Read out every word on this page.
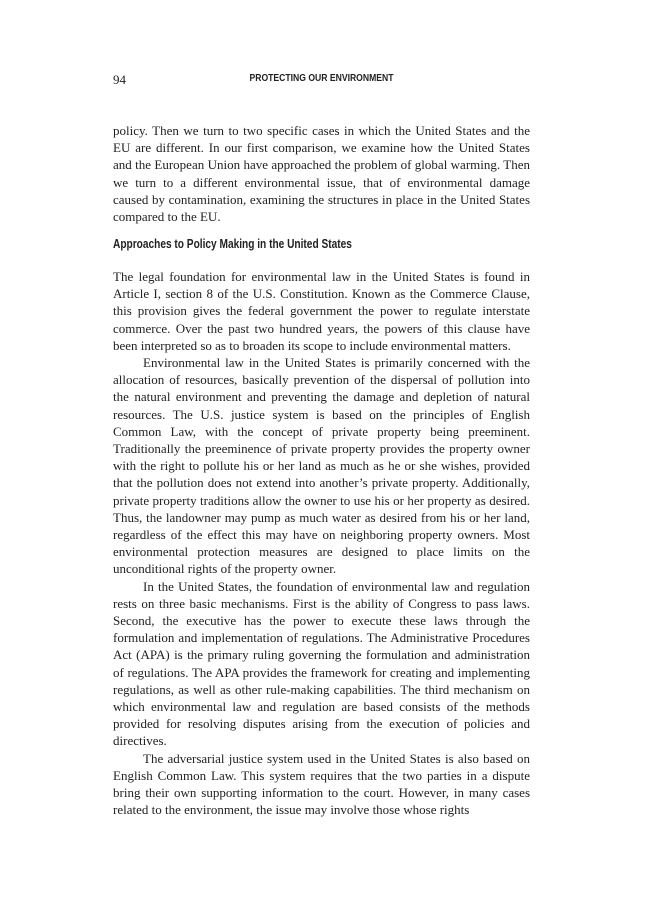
94	PROTECTING OUR ENVIRONMENT

policy. Then we turn to two specific cases in which the United States and the EU are different. In our first comparison, we examine how the United States and the European Union have approached the problem of global warming. Then we turn to a different environmental issue, that of environmental damage caused by contamination, examining the structures in place in the United States compared to the EU.

Approaches to Policy Making in the United States

The legal foundation for environmental law in the United States is found in Article I, section 8 of the U.S. Constitution. Known as the Commerce Clause, this provision gives the federal government the power to regulate interstate commerce. Over the past two hundred years, the powers of this clause have been interpreted so as to broaden its scope to include environmental matters.

Environmental law in the United States is primarily concerned with the allocation of resources, basically prevention of the dispersal of pollution into the natural environment and preventing the damage and depletion of natural resources. The U.S. justice system is based on the principles of English Common Law, with the concept of private property being preeminent. Traditionally the preeminence of private property provides the property owner with the right to pollute his or her land as much as he or she wishes, provided that the pollution does not extend into another’s private property. Additionally, private property traditions allow the owner to use his or her property as desired. Thus, the landowner may pump as much water as desired from his or her land, regardless of the effect this may have on neighboring property owners. Most environmental protection measures are designed to place limits on the unconditional rights of the property owner.

In the United States, the foundation of environmental law and regulation rests on three basic mechanisms. First is the ability of Congress to pass laws. Second, the executive has the power to execute these laws through the formulation and implementation of regulations. The Administrative Procedures Act (APA) is the primary ruling governing the formulation and administration of regulations. The APA provides the framework for creating and implementing regulations, as well as other rule-making capabilities. The third mechanism on which environmental law and regulation are based consists of the methods provided for resolving disputes arising from the execution of policies and directives.

The adversarial justice system used in the United States is also based on English Common Law. This system requires that the two parties in a dispute bring their own supporting information to the court. However, in many cases related to the environment, the issue may involve those whose rights
